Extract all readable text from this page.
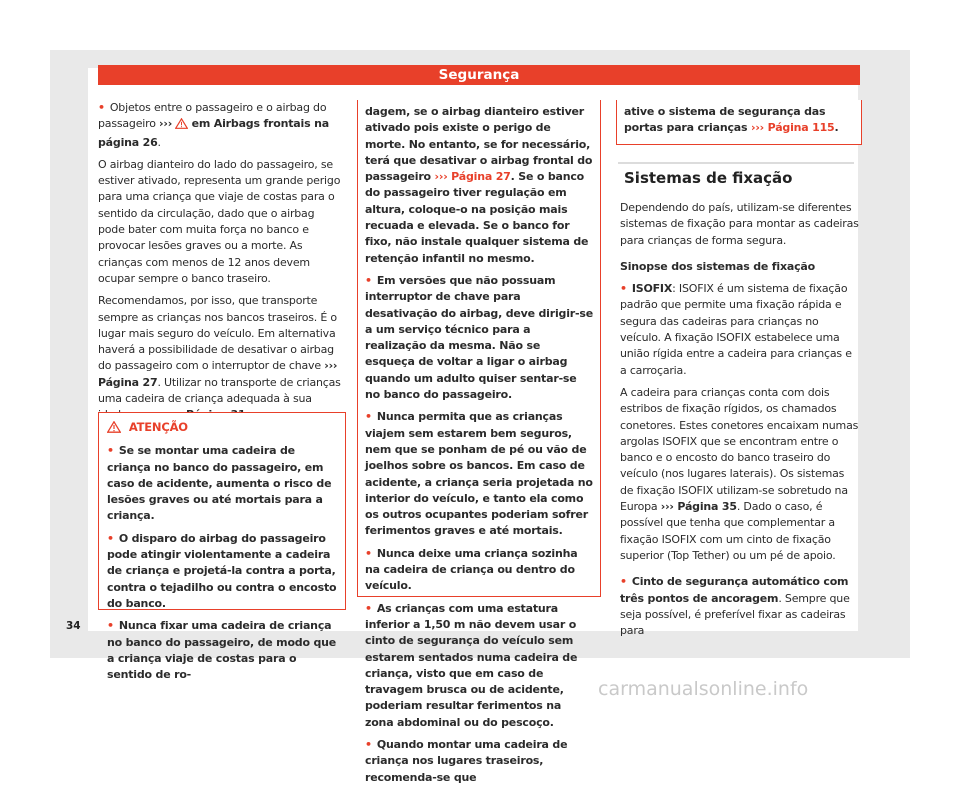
Segurança

• Objetos entre o passageiro e o airbag do passageiro ››› em Airbags frontais na página 26.

O airbag dianteiro do lado do passageiro, se estiver ativado, representa um grande perigo para uma criança que viaje de costas para o sentido da circulação, dado que o airbag pode bater com muita força no banco e provocar lesões graves ou a morte. As crianças com menos de 12 anos devem ocupar sempre o banco traseiro.

Recomendamos, por isso, que transporte sempre as crianças nos bancos traseiros. É o lugar mais seguro do veículo. Em alternativa haverá a possibilidade de desativar o airbag do passageiro com o interruptor de chave ››› Página 27. Utilizar no transporte de crianças uma cadeira de criança adequada à sua

ATENÇÃO

• Se se montar uma cadeira de criança no banco do passageiro, em caso de acidente, aumenta o risco de lesões graves ou até mortais para a criança.

• O disparo do airbag do passageiro pode atingir violentamente a cadeira de criança e projetá-la contra a porta, contra o tejadilho ou contra o encosto do banco.

• Nunca fixar uma cadeira de criança no banco do passageiro, de modo que a criança viaje de costas para o sentido de ro-

dagem, se o airbag dianteiro estiver ativado pois existe o perigo de morte. No entanto, se for necessário, terá que desativar o airbag frontal do passageiro ››› Página 27. Se o banco do passageiro tiver regulação em altura, coloque-o na posição mais recuada e elevada. Se o banco for fixo, não instale qualquer sistema de retenção infantil no mesmo.

• Em versões que não possuam interruptor de chave para desativação do airbag, deve dirigir-se a um serviço técnico para a realização da mesma. Não se esqueça de voltar a ligar o airbag quando um adulto quiser sentar-se no banco do passageiro.

• Nunca permita que as crianças viajem sem estarem bem seguros, nem que se ponham de pé ou vão de joelhos sobre os bancos. Em caso de acidente, a criança seria projetada no interior do veículo, e tanto ela como os outros ocupantes poderiam sofrer ferimentos graves e até mortais.

• Nunca deixe uma criança sozinha na cadeira de criança ou dentro do veículo.

• As crianças com uma estatura inferior a 1,50 m não devem usar o cinto de segurança do veículo sem estarem sentados numa cadeira de criança, visto que em caso de travagem brusca ou de acidente, poderiam resultar ferimentos na zona abdominal ou do pescoço.

• Quando montar uma cadeira de criança nos lugares traseiros, recomenda-se que

ative o sistema de segurança das portas para crianças ››› Página 115.

Sistemas de fixação

Dependendo do país, utilizam-se diferentes sistemas de fixação para montar as cadeiras para crianças de forma segura.

Sinopse dos sistemas de fixação

• ISOFIX: ISOFIX é um sistema de fixação padrão que permite uma fixação rápida e segura das cadeiras para crianças no veículo. A fixação ISOFIX estabelece uma união rígida entre a cadeira para crianças e a carroçaria.

A cadeira para crianças conta com dois estribos de fixação rígidos, os chamados conetores. Estes conetores encaixam numas argolas ISOFIX que se encontram entre o banco e o encosto do banco traseiro do veículo (nos lugares laterais). Os sistemas de fixação ISOFIX utilizam-se sobretudo na Europa ››› Página 35. Dado o caso, é possível que tenha que complementar a fixação ISOFIX com um cinto de fixação superior (Top Tether) ou um pé de apoio.

• Cinto de segurança automático com três pontos de ancoragem. Sempre que seja possível, é preferível fixar as cadeiras para

34
carmanualsonline.info
